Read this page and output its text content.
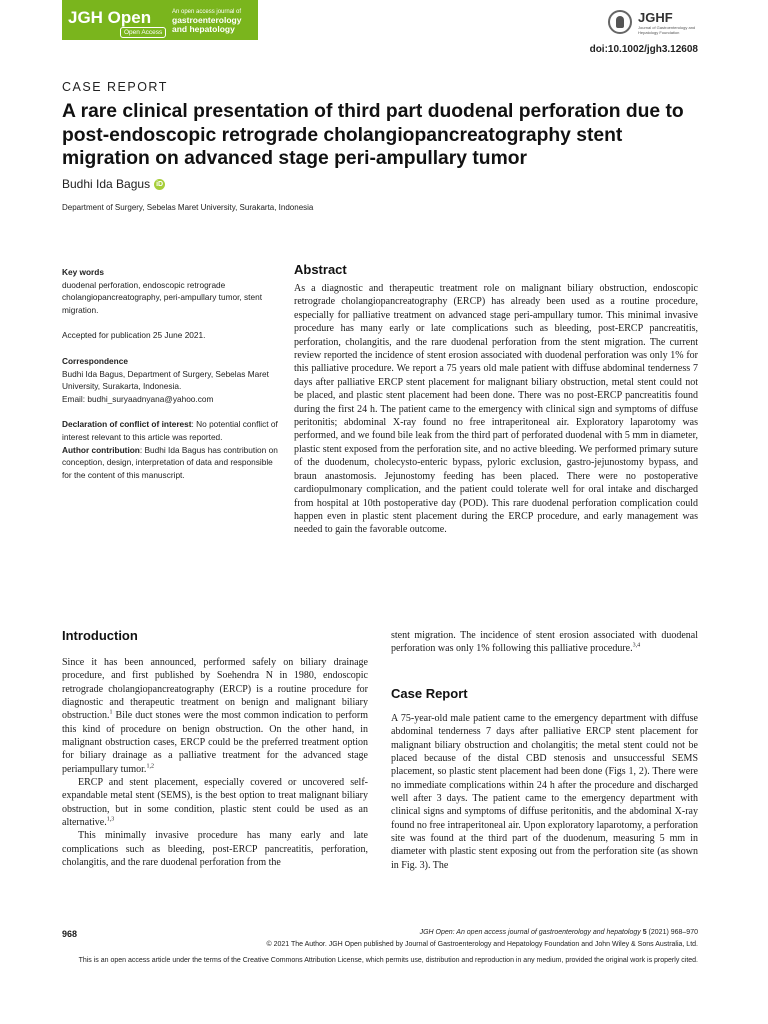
JGH Open
Open Access
An open access journal of
gastroenterology
and hepatology
JGHF
Journal of Gastroenterology and Hepatology Foundation
doi:10.1002/jgh3.12608
CASE REPORT
A rare clinical presentation of third part duodenal perforation due to post-endoscopic retrograde cholangiopancreatography stent migration on advanced stage peri-ampullary tumor
Budhi Ida Bagus iD
Department of Surgery, Sebelas Maret University, Surakarta, Indonesia

Key words

duodenal perforation, endoscopic retrograde cholangiopancreatography, peri-ampullary tumor, stent migration.

Accepted for publication 25 June 2021.

Correspondence

Budhi Ida Bagus, Department of Surgery, Sebelas Maret University, Surakarta, Indonesia.

Email: budhi_suryaadnyana@yahoo.com

Declaration of conflict of interest: No potential conflict of interest relevant to this article was reported.

Author contribution: Budhi Ida Bagus has contribution on conception, design, interpretation of data and responsible for the content of this manuscript.

Abstract

As a diagnostic and therapeutic treatment role on malignant biliary obstruction, endoscopic retrograde cholangiopancreatography (ERCP) has already been used as a routine procedure, especially for palliative treatment on advanced stage peri-ampullary tumor. This minimal invasive procedure has many early or late complications such as bleeding, post-ERCP pancreatitis, perforation, cholangitis, and the rare duodenal perforation from the stent migration. The current review reported the incidence of stent erosion associated with duodenal perforation was only 1% for this palliative procedure. We report a 75 years old male patient with diffuse abdominal tenderness 7 days after palliative ERCP stent placement for malignant biliary obstruction, metal stent could not be placed, and plastic stent placement had been done. There was no post-ERCP pancreatitis found during the first 24 h. The patient came to the emergency with clinical sign and symptoms of diffuse peritonitis; abdominal X-ray found no free intraperitoneal air. Exploratory laparotomy was performed, and we found bile leak from the third part of perforated duodenal with 5 mm in diameter, plastic stent exposed from the perforation site, and no active bleeding. We performed primary suture of the duodenum, cholecysto-enteric bypass, pyloric exclusion, gastro-jejunostomy bypass, and braun anastomosis. Jejunostomy feeding has been placed. There were no postoperative cardiopulmonary complication, and the patient could tolerate well for oral intake and discharged from hospital at 10th postoperative day (POD). This rare duodenal perforation complication could happen even in plastic stent placement during the ERCP procedure, and early management was needed to gain the favorable outcome.

Introduction

Since it has been announced, performed safely on biliary drainage procedure, and first published by Soehendra N in 1980, endoscopic retrograde cholangiopancreatography (ERCP) is a routine procedure for diagnostic and therapeutic treatment on benign and malignant biliary obstruction.$^1$ Bile duct stones were the most common indication to perform this kind of procedure on benign obstruction. On the other hand, in malignant obstruction cases, ERCP could be the preferred treatment option for biliary drainage as a palliative treatment for the advanced stage periampullary tumor.$^{1,2}$

ERCP and stent placement, especially covered or uncovered self-expandable metal stent (SEMS), is the best option to treat malignant biliary obstruction, but in some condition, plastic stent could be used as an alternative.$^{1,3}$

This minimally invasive procedure has many early and late complications such as bleeding, post-ERCP pancreatitis, perforation, cholangitis, and the rare duodenal perforation from the

stent migration. The incidence of stent erosion associated with duodenal perforation was only 1% following this palliative procedure.$^{3,4}$

Case Report

A 75-year-old male patient came to the emergency department with diffuse abdominal tenderness 7 days after palliative ERCP stent placement for malignant biliary obstruction and cholangitis; the metal stent could not be placed because of the distal CBD stenosis and unsuccessful SEMS placement, so plastic stent placement had been done (Figs 1, 2). There were no immediate complications within 24 h after the procedure and discharged well after 3 days. The patient came to the emergency department with clinical signs and symptoms of diffuse peritonitis, and the abdominal X-ray found no free intraperitoneal air. Upon exploratory laparotomy, a perforation site was found at the third part of the duodenum, measuring 5 mm in diameter with plastic stent exposing out from the perforation site (as shown in Fig. 3). The

968	JGH Open: An open access journal of gastroenterology and hepatology 5 (2021) 968–970
© 2021 The Author. JGH Open published by Journal of Gastroenterology and Hepatology Foundation and John Wiley & Sons Australia, Ltd.
This is an open access article under the terms of the Creative Commons Attribution License, which permits use, distribution and reproduction in any medium, provided the original work is properly cited.
